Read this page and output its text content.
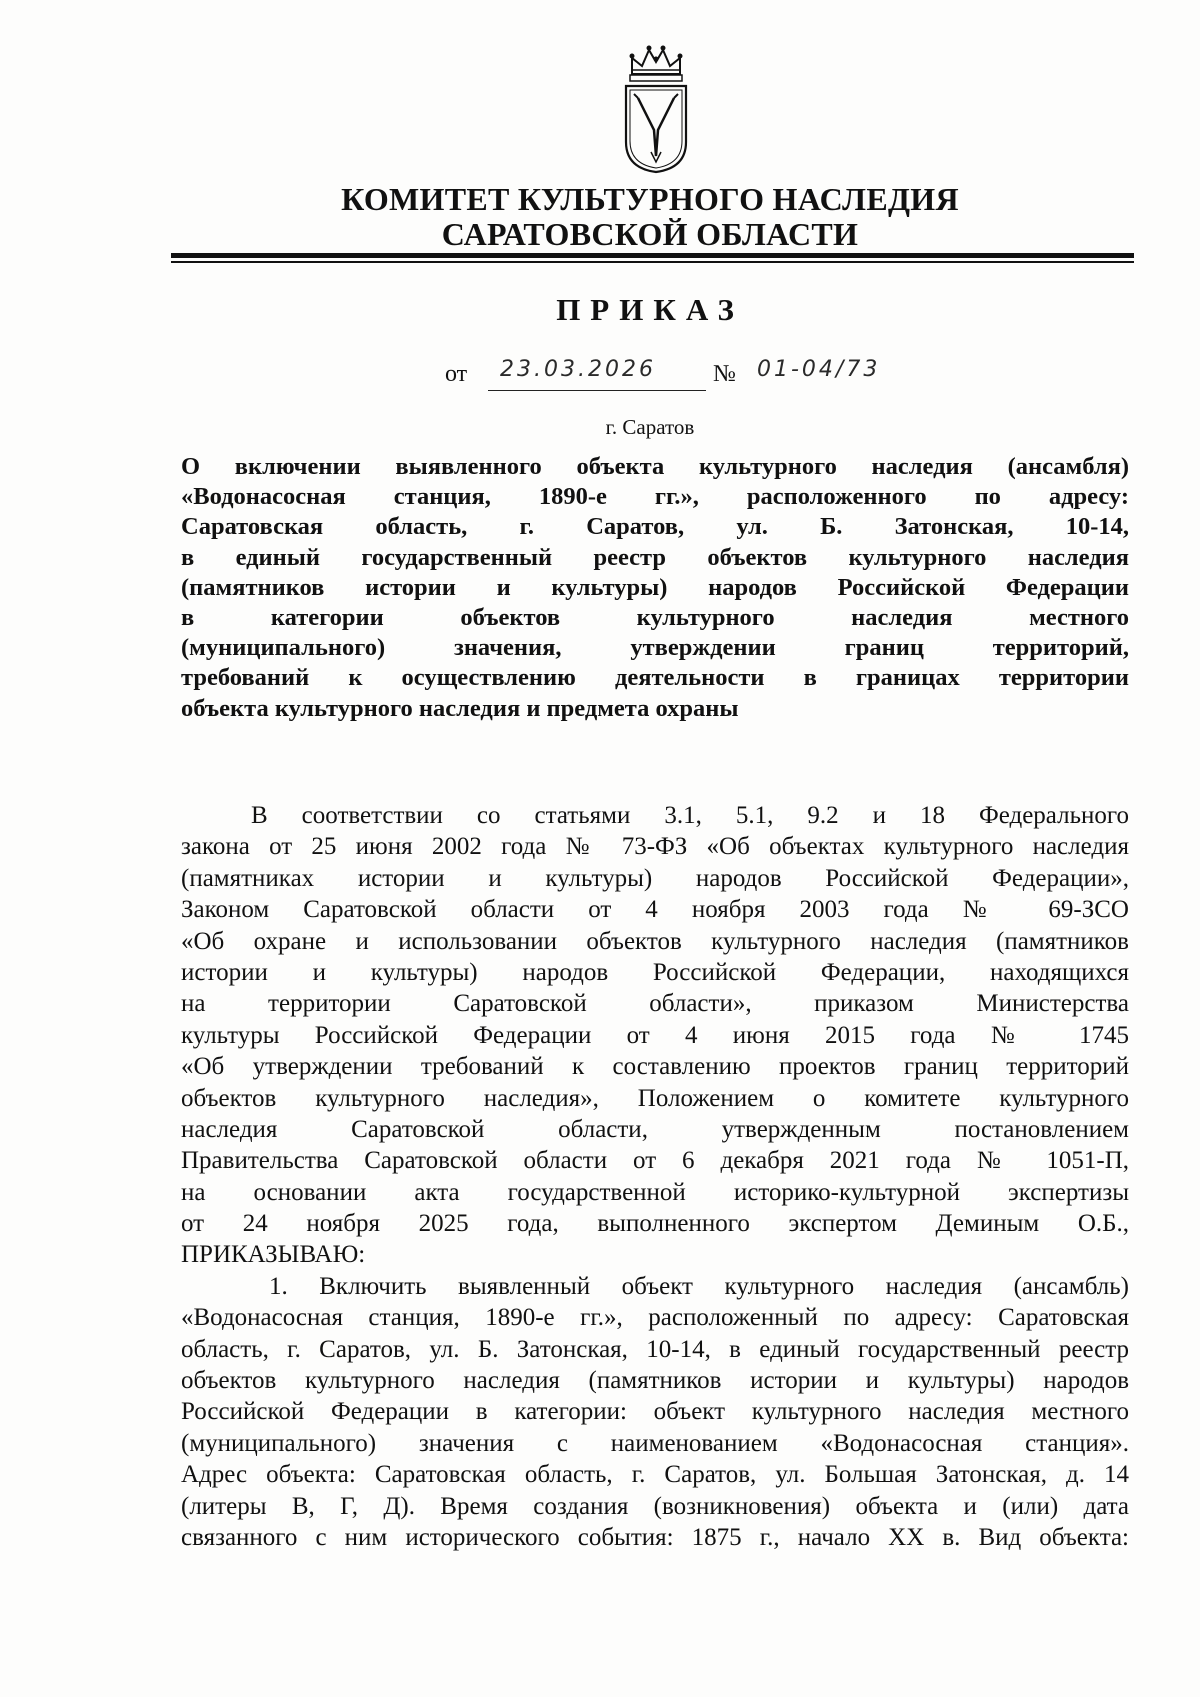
КОМИТЕТ КУЛЬТУРНОГО НАСЛЕДИЯ
САРАТОВСКОЙ ОБЛАСТИ
ПРИКАЗ
от 23.03.2026 № 01-04/73
г. Саратов
О включении выявленного объекта культурного наследия (ансамбля)
«Водонасосная станция, 1890-е гг.», расположенного по адресу:
Саратовская область, г. Саратов, ул. Б. Затонская, 10-14,
в единый государственный реестр объектов культурного наследия
(памятников истории и культуры) народов Российской Федерации
в категории объектов культурного наследия местного
(муниципального) значения, утверждении границ территорий,
требований к осуществлению деятельности в границах территории
объекта культурного наследия и предмета охраны
В соответствии со статьями 3.1, 5.1, 9.2 и 18 Федерального
закона от 25 июня 2002 года № 73-ФЗ «Об объектах культурного наследия
(памятниках истории и культуры) народов Российской Федерации»,
Законом Саратовской области от 4 ноября 2003 года № 69-ЗСО
«Об охране и использовании объектов культурного наследия (памятников
истории и культуры) народов Российской Федерации, находящихся
на территории Саратовской области», приказом Министерства
культуры Российской Федерации от 4 июня 2015 года № 1745
«Об утверждении требований к составлению проектов границ территорий
объектов культурного наследия», Положением о комитете культурного
наследия Саратовской области, утвержденным постановлением
Правительства Саратовской области от 6 декабря 2021 года № 1051-П,
на основании акта государственной историко-культурной экспертизы
от 24 ноября 2025 года, выполненного экспертом Деминым О.Б.,
ПРИКАЗЫВАЮ:
1. Включить выявленный объект культурного наследия (ансамбль)
«Водонасосная станция, 1890-е гг.», расположенный по адресу: Саратовская
область, г. Саратов, ул. Б. Затонская, 10-14, в единый государственный реестр
объектов культурного наследия (памятников истории и культуры) народов
Российской Федерации в категории: объект культурного наследия местного
(муниципального) значения с наименованием «Водонасосная станция».
Адрес объекта: Саратовская область, г. Саратов, ул. Большая Затонская, д. 14
(литеры В, Г, Д). Время создания (возникновения) объекта и (или) дата
связанного с ним исторического события: 1875 г., начало XX в. Вид объекта:
